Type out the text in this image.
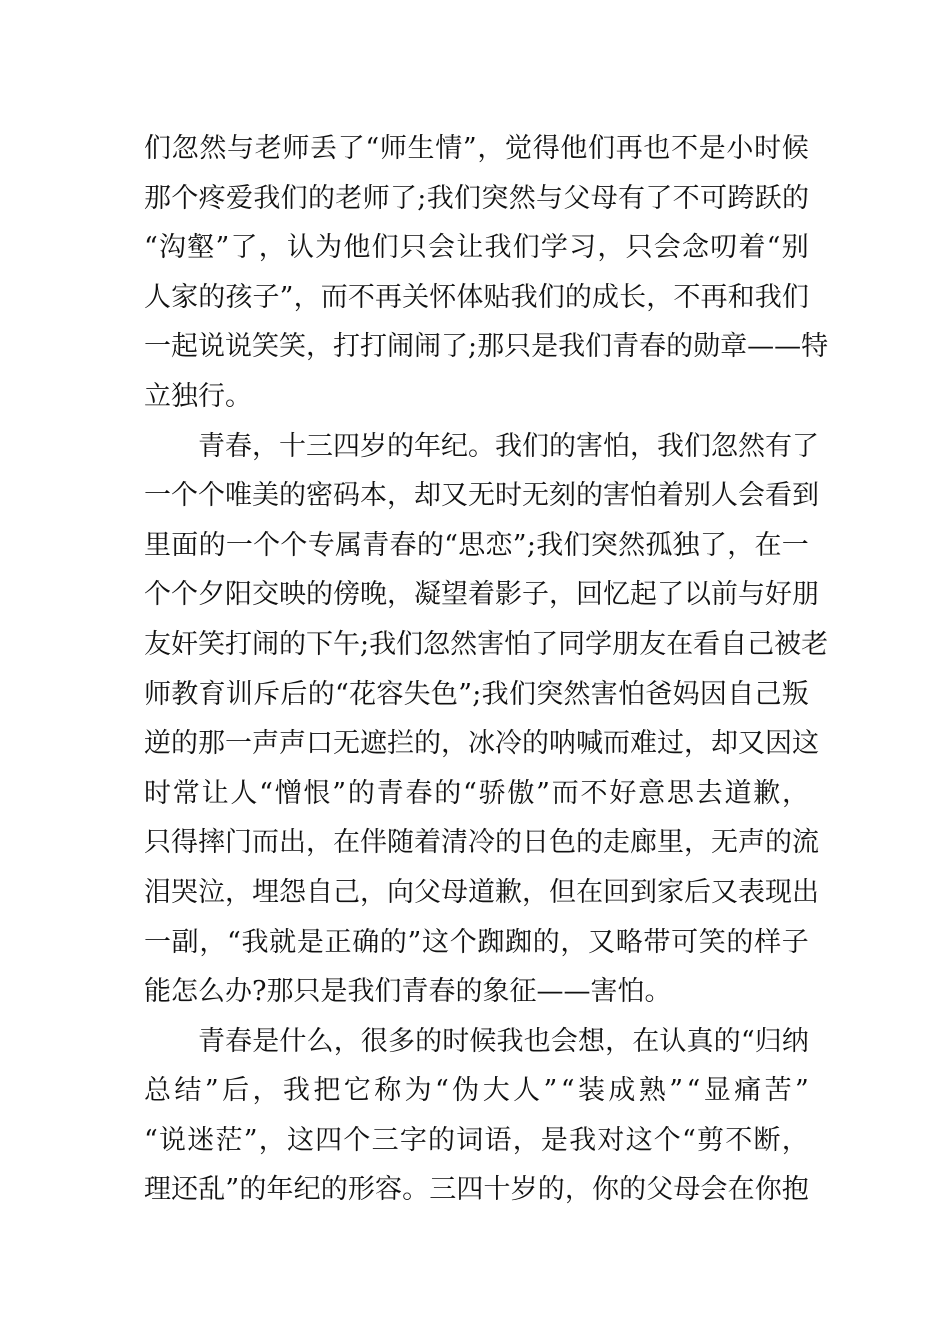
们 忽 然 与 老 师 丢 了 “ 师 生 情 ” ， 觉 得 他 们 再 也 不 是 小 时 候
那 个 疼 爱 我 们 的 老 师 了 ; 我 们 突 然 与 父 母 有 了 不 可 跨 跃 的
“ 沟 壑 ” 了 ， 认 为 他 们 只 会 让 我 们 学 习 ， 只 会 念 叨 着 “ 别
人 家 的 孩 子 ” ， 而 不 再 关 怀 体 贴 我 们 的 成 长 ， 不 再 和 我 们
一 起 说 说 笑 笑 ， 打 打 闹 闹 了 ; 那 只 是 我 们 青 春 的 勋 章 — — 特
立独行。
青 春 ， 十 三 四 岁 的 年 纪 。 我 们 的 害 怕 ， 我 们 忽 然 有 了
一 个 个 唯 美 的 密 码 本 ， 却 又 无 时 无 刻 的 害 怕 着 别 人 会 看 到
里 面 的 一 个 个 专 属 青 春 的 “ 思 恋 ” ; 我 们 突 然 孤 独 了 ， 在 一
个 个 夕 阳 交 映 的 傍 晚 ， 凝 望 着 影 子 ， 回 忆 起 了 以 前 与 好 朋
友 奸 笑 打 闹 的 下 午 ; 我 们 忽 然 害 怕 了 同 学 朋 友 在 看 自 己 被 老
师 教 育 训 斥 后 的 “ 花 容 失 色 ” ; 我 们 突 然 害 怕 爸 妈 因 自 己 叛
逆 的 那 一 声 声 口 无 遮 拦 的 ， 冰 冷 的 呐 喊 而 难 过 ， 却 又 因 这
时 常 让 人 “ 憎 恨 ” 的 青 春 的 “ 骄 傲 ” 而 不 好 意 思 去 道 歉 ，
只 得 摔 门 而 出 ， 在 伴 随 着 清 冷 的 日 色 的 走 廊 里 ， 无 声 的 流
泪 哭 泣 ， 埋 怨 自 己 ， 向 父 母 道 歉 ， 但 在 回 到 家 后 又 表 现 出
一 副 ， “ 我 就 是 正 确 的 ” 这 个 踟 踟 的 ， 又 略 带 可 笑 的 样 子
能怎么办?那只是我们青春的象征——害怕。
青 春 是 什 么 ， 很 多 的 时 候 我 也 会 想 ， 在 认 真 的 “ 归 纳
总 结 ” 后 ， 我 把 它 称 为 “ 伪 大 人 ” “ 装 成 熟 ” “ 显 痛 苦 ”
“ 说 迷 茫 ” ， 这 四 个 三 字 的 词 语 ， 是 我 对 这 个 “ 剪 不 断 ，
理 还 乱 ” 的 年 纪 的 形 容 。 三 四 十 岁 的 ， 你 的 父 母 会 在 你 抱
